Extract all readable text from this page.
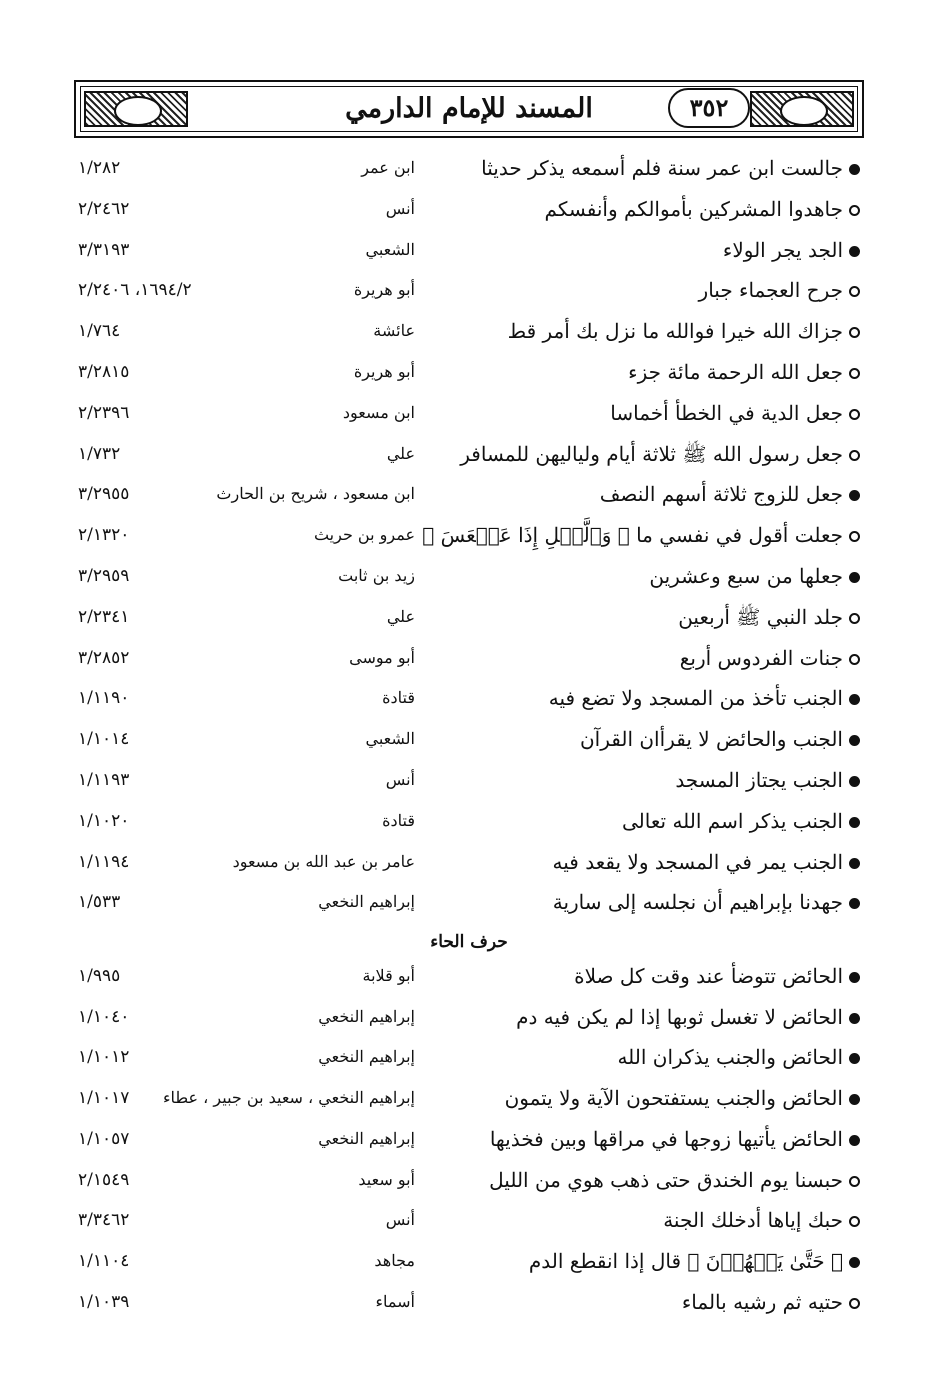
المسند للإمام الدارمي	٣٥٢
جالست ابن عمر سنة فلم أسمعه يذكر حديثا
ابن عمر
١/٢٨٢
جاهدوا المشركين بأموالكم وأنفسكم
أنس
٢/٢٤٦٢
الجد يجر الولاء
الشعبي
٣/٣١٩٣
جرح العجماء جبار
أبو هريرة
١٦٩٤/٢، ٢/٢٤٠٦
جزاك الله خيرا فوالله ما نزل بك أمر قط
عائشة
١/٧٦٤
جعل الله الرحمة مائة جزء
أبو هريرة
٣/٢٨١٥
جعل الدية في الخطأ أخماسا
ابن مسعود
٢/٢٣٩٦
جعل رسول الله ﷺ ثلاثة أيام ولياليهن للمسافر
علي
١/٧٣٢
جعل للزوج ثلاثة أسهم النصف
ابن مسعود ، شريح بن الحارث
٣/٢٩٥٥
جعلت أقول في نفسي ما ﴿ وَٱلَّيۡلِ إِذَا عَسۡعَسَ ﴾
عمرو بن حريث
٢/١٣٢٠
جعلها من سبع وعشرين
زيد بن ثابت
٣/٢٩٥٩
جلد النبي ﷺ أربعين
علي
٢/٢٣٤١
جنات الفردوس أربع
أبو موسى
٣/٢٨٥٢
الجنب تأخذ من المسجد ولا تضع فيه
قتادة
١/١١٩٠
الجنب والحائض لا يقرأان القرآن
الشعبي
١/١٠١٤
الجنب يجتاز المسجد
أنس
١/١١٩٣
الجنب يذكر اسم الله تعالى
قتادة
١/١٠٢٠
الجنب يمر في المسجد ولا يقعد فيه
عامر بن عبد الله بن مسعود
١/١١٩٤
جهدنا بإبراهيم أن نجلسه إلى سارية
إبراهيم النخعي
١/٥٣٣
حرف الحاء
الحائض تتوضأ عند وقت كل صلاة
أبو قلابة
١/٩٩٥
الحائض لا تغسل ثوبها إذا لم يكن فيه دم
إبراهيم النخعي
١/١٠٤٠
الحائض والجنب يذكران الله
إبراهيم النخعي
١/١٠١٢
الحائض والجنب يستفتحون الآية ولا يتمون
إبراهيم النخعي ، سعيد بن جبير ، عطاء
١/١٠١٧
الحائض يأتيها زوجها في مراقها وبين فخذيها
إبراهيم النخعي
١/١٠٥٧
حبسنا يوم الخندق حتى ذهب هوي من الليل
أبو سعيد
٢/١٥٤٩
حبك إياها أدخلك الجنة
أنس
٣/٣٤٦٢
﴿ حَتَّىٰ يَطۡهُرۡنَ ﴾ قال إذا انقطع الدم
مجاهد
١/١١٠٤
حتيه ثم رشيه بالماء
أسماء
١/١٠٣٩
